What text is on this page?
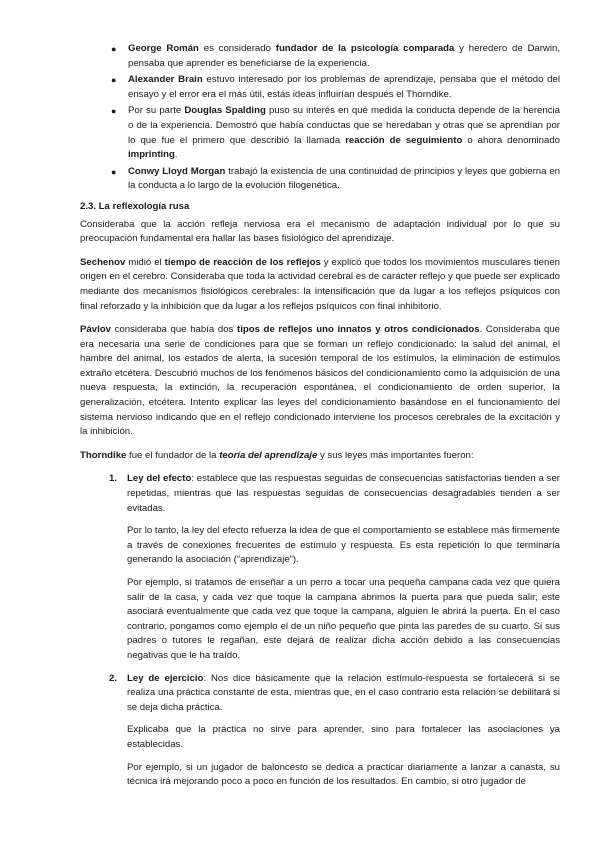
● George Román es considerado fundador de la psicología comparada y heredero de Darwin, pensaba que aprender es beneficiarse de la experiencia.
● Alexander Brain estuvo interesado por los problemas de aprendizaje, pensaba que el método del ensayo y el error era el más útil, estás ideas influirían después el Thorndike.
● Por su parte Douglas Spalding puso su interés en qué medida la conducta depende de la herencia o de la experiencia. Demostró que había conductas que se heredaban y otras que se aprendían por lo que fue el primero que describió la llamada reacción de seguimiento o ahora denominado imprinting.
● Conwy Lloyd Morgan trabajó la existencia de una continuidad de principios y leyes que gobierna en la conducta a lo largo de la evolución filogenética.

2.3. La reflexología rusa

Consideraba que la acción refleja nerviosa era el mecanismo de adaptación individual por lo que su preocupación fundamental era hallar las bases fisiológico del aprendizaje.

Sechenov midió el tiempo de reacción de los reflejos y explicó que todos los movimientos musculares tienen origen en el cerebro. Consideraba que toda la actividad cerebral es de carácter reflejo y que puede ser explicado mediante dos mecanismos fisiológicos cerebrales: la intensificación que da lugar a los reflejos psíquicos con final reforzado y la inhibición que da lugar a los reflejos psíquicos con final inhibitorio.

Pávlov consideraba que había dos tipos de reflejos uno innatos y otros condicionados. Consideraba que era necesaria una serie de condiciones para que se forman un reflejo condicionado: la salud del animal, el hambre del animal, los estados de alerta, la sucesión temporal de los estímulos, la eliminación de estímulos extraño etcétera. Descubrió muchos de los fenómenos básicos del condicionamiento como la adquisición de una nueva respuesta, la extinción, la recuperación espontánea, el condicionamiento de orden superior, la generalización, etcétera. Intento explicar las leyes del condicionamiento basándose en el funcionamiento del sistema nervioso indicando que en el reflejo condicionado interviene los procesos cerebrales de la excitación y la inhibición.

Thorndike fue el fundador de la teoría del aprendizaje y sus leyes más importantes fueron:

1. Ley del efecto: establece que las respuestas seguidas de consecuencias satisfactorias tienden a ser repetidas, mientras que las respuestas seguidas de consecuencias desagradables tienden a ser evitadas.

Por lo tanto, la ley del efecto refuerza la idea de que el comportamiento se establece más firmemente a través de conexiones frecuentes de estímulo y respuesta. Es esta repetición lo que terminaría generando la asociación (“aprendizaje”).

Por ejemplo, si tratamos de enseñar a un perro a tocar una pequeña campana cada vez que quiera salir de la casa, y cada vez que toque la campana abrimos la puerta para que pueda salir, este asociará eventualmente que cada vez que toque la campana, alguien le abrirá la puerta. En el caso contrario, pongamos como ejemplo el de un niño pequeño que pinta las paredes de su cuarto. Si sus padres o tutores le regañan, este dejará de realizar dicha acción debido a las consecuencias negativas que le ha traído.

2. Ley de ejercicio: Nos dice básicamente que la relación estímulo-respuesta se fortalecerá si se realiza una práctica constante de esta, mientras que, en el caso contrario esta relación se debilitará si se deja dicha práctica.

Explicaba que la práctica no sirve para aprender, sino para fortalecer las asociaciones ya establecidas.

Por ejemplo, si un jugador de baloncesto se dedica a practicar diariamente a lanzar a canasta, su técnica irá mejorando poco a poco en función de los resultados. En cambio, si otro jugador de
